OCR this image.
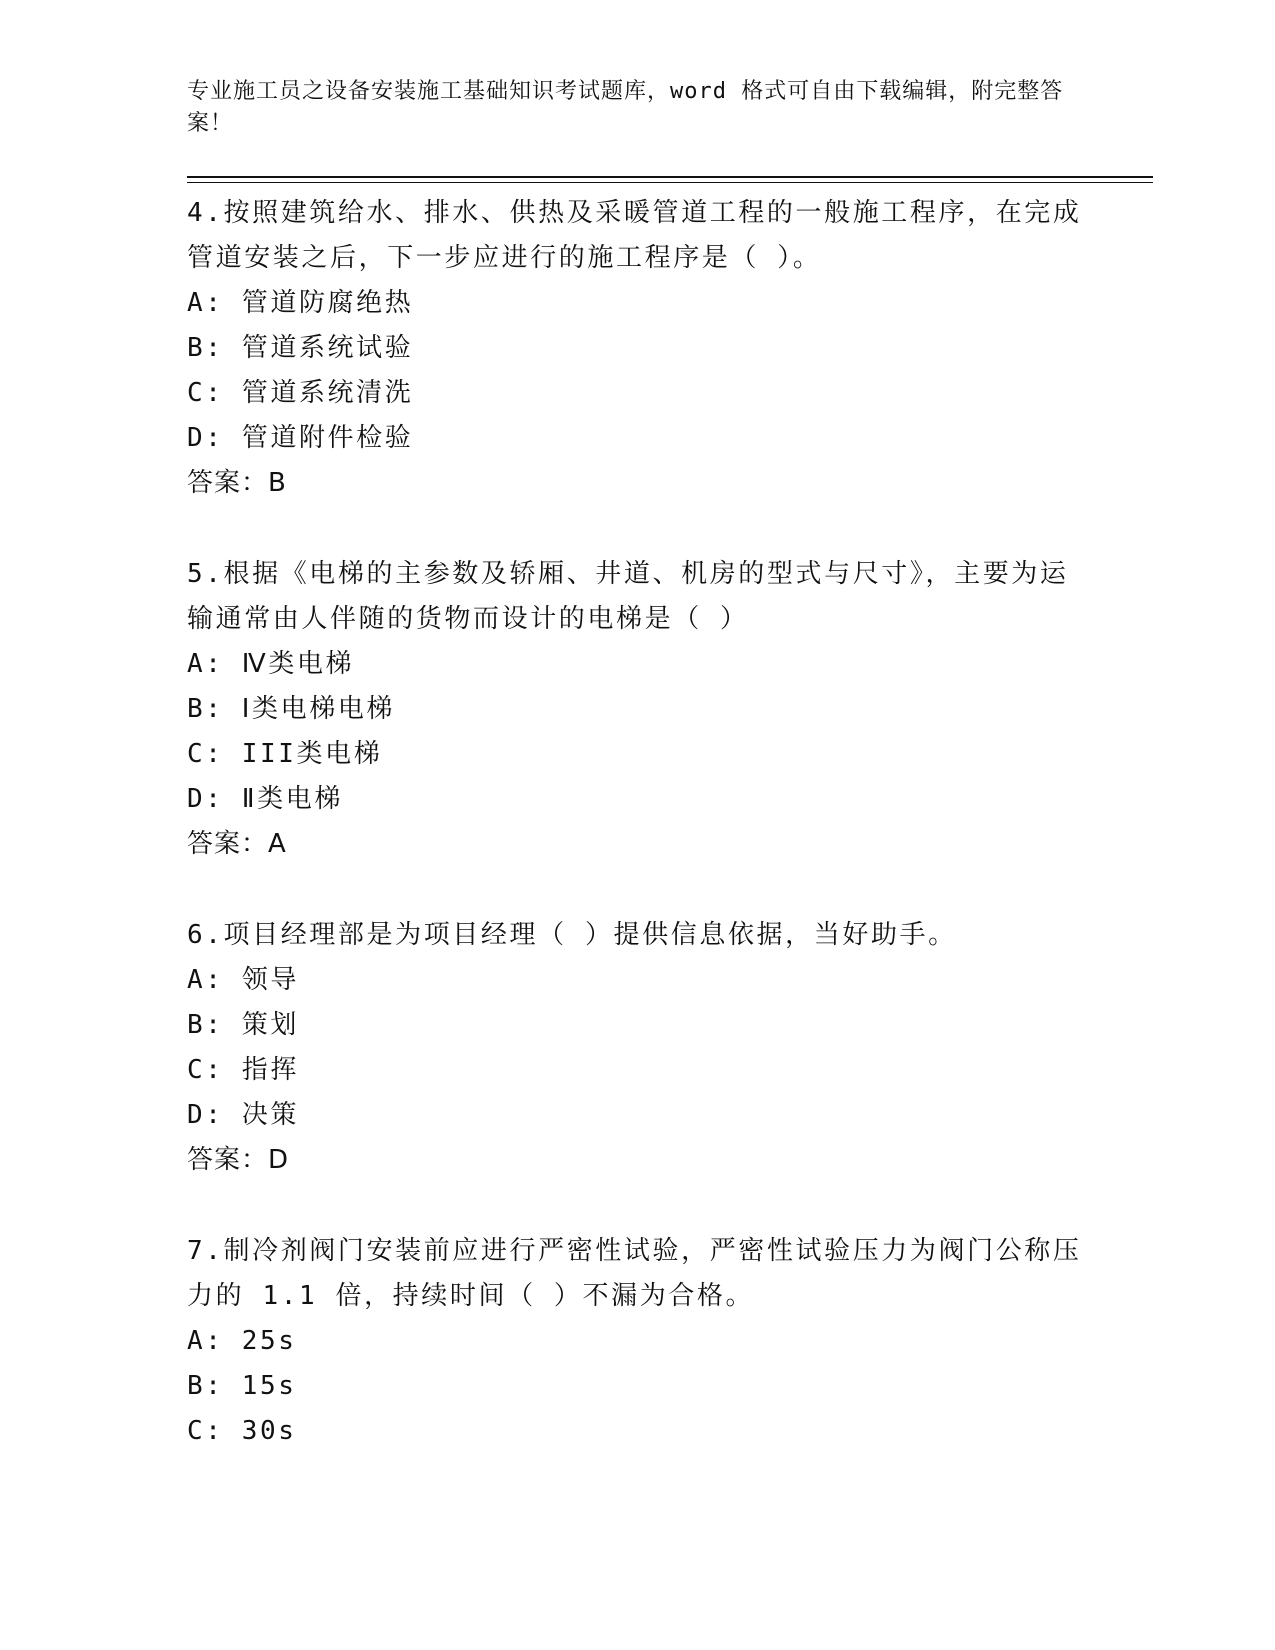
专业施工员之设备安装施工基础知识考试题库，word 格式可自由下载编辑，附完整答案！
4.按照建筑给水、排水、供热及采暖管道工程的一般施工程序，在完成管道安装之后，下一步应进行的施工程序是（ ）。
A: 管道防腐绝热
B: 管道系统试验
C: 管道系统清洗
D: 管道附件检验
答案：B
5.根据《电梯的主参数及轿厢、井道、机房的型式与尺寸》，主要为运输通常由人伴随的货物而设计的电梯是（ ）
A: Ⅳ类电梯
B: Ⅰ类电梯电梯
C: III类电梯
D: Ⅱ类电梯
答案：A
6.项目经理部是为项目经理（ ）提供信息依据，当好助手。
A: 领导
B: 策划
C: 指挥
D: 决策
答案：D
7.制冷剂阀门安装前应进行严密性试验，严密性试验压力为阀门公称压力的 1.1 倍，持续时间（ ）不漏为合格。
A: 25s
B: 15s
C: 30s
